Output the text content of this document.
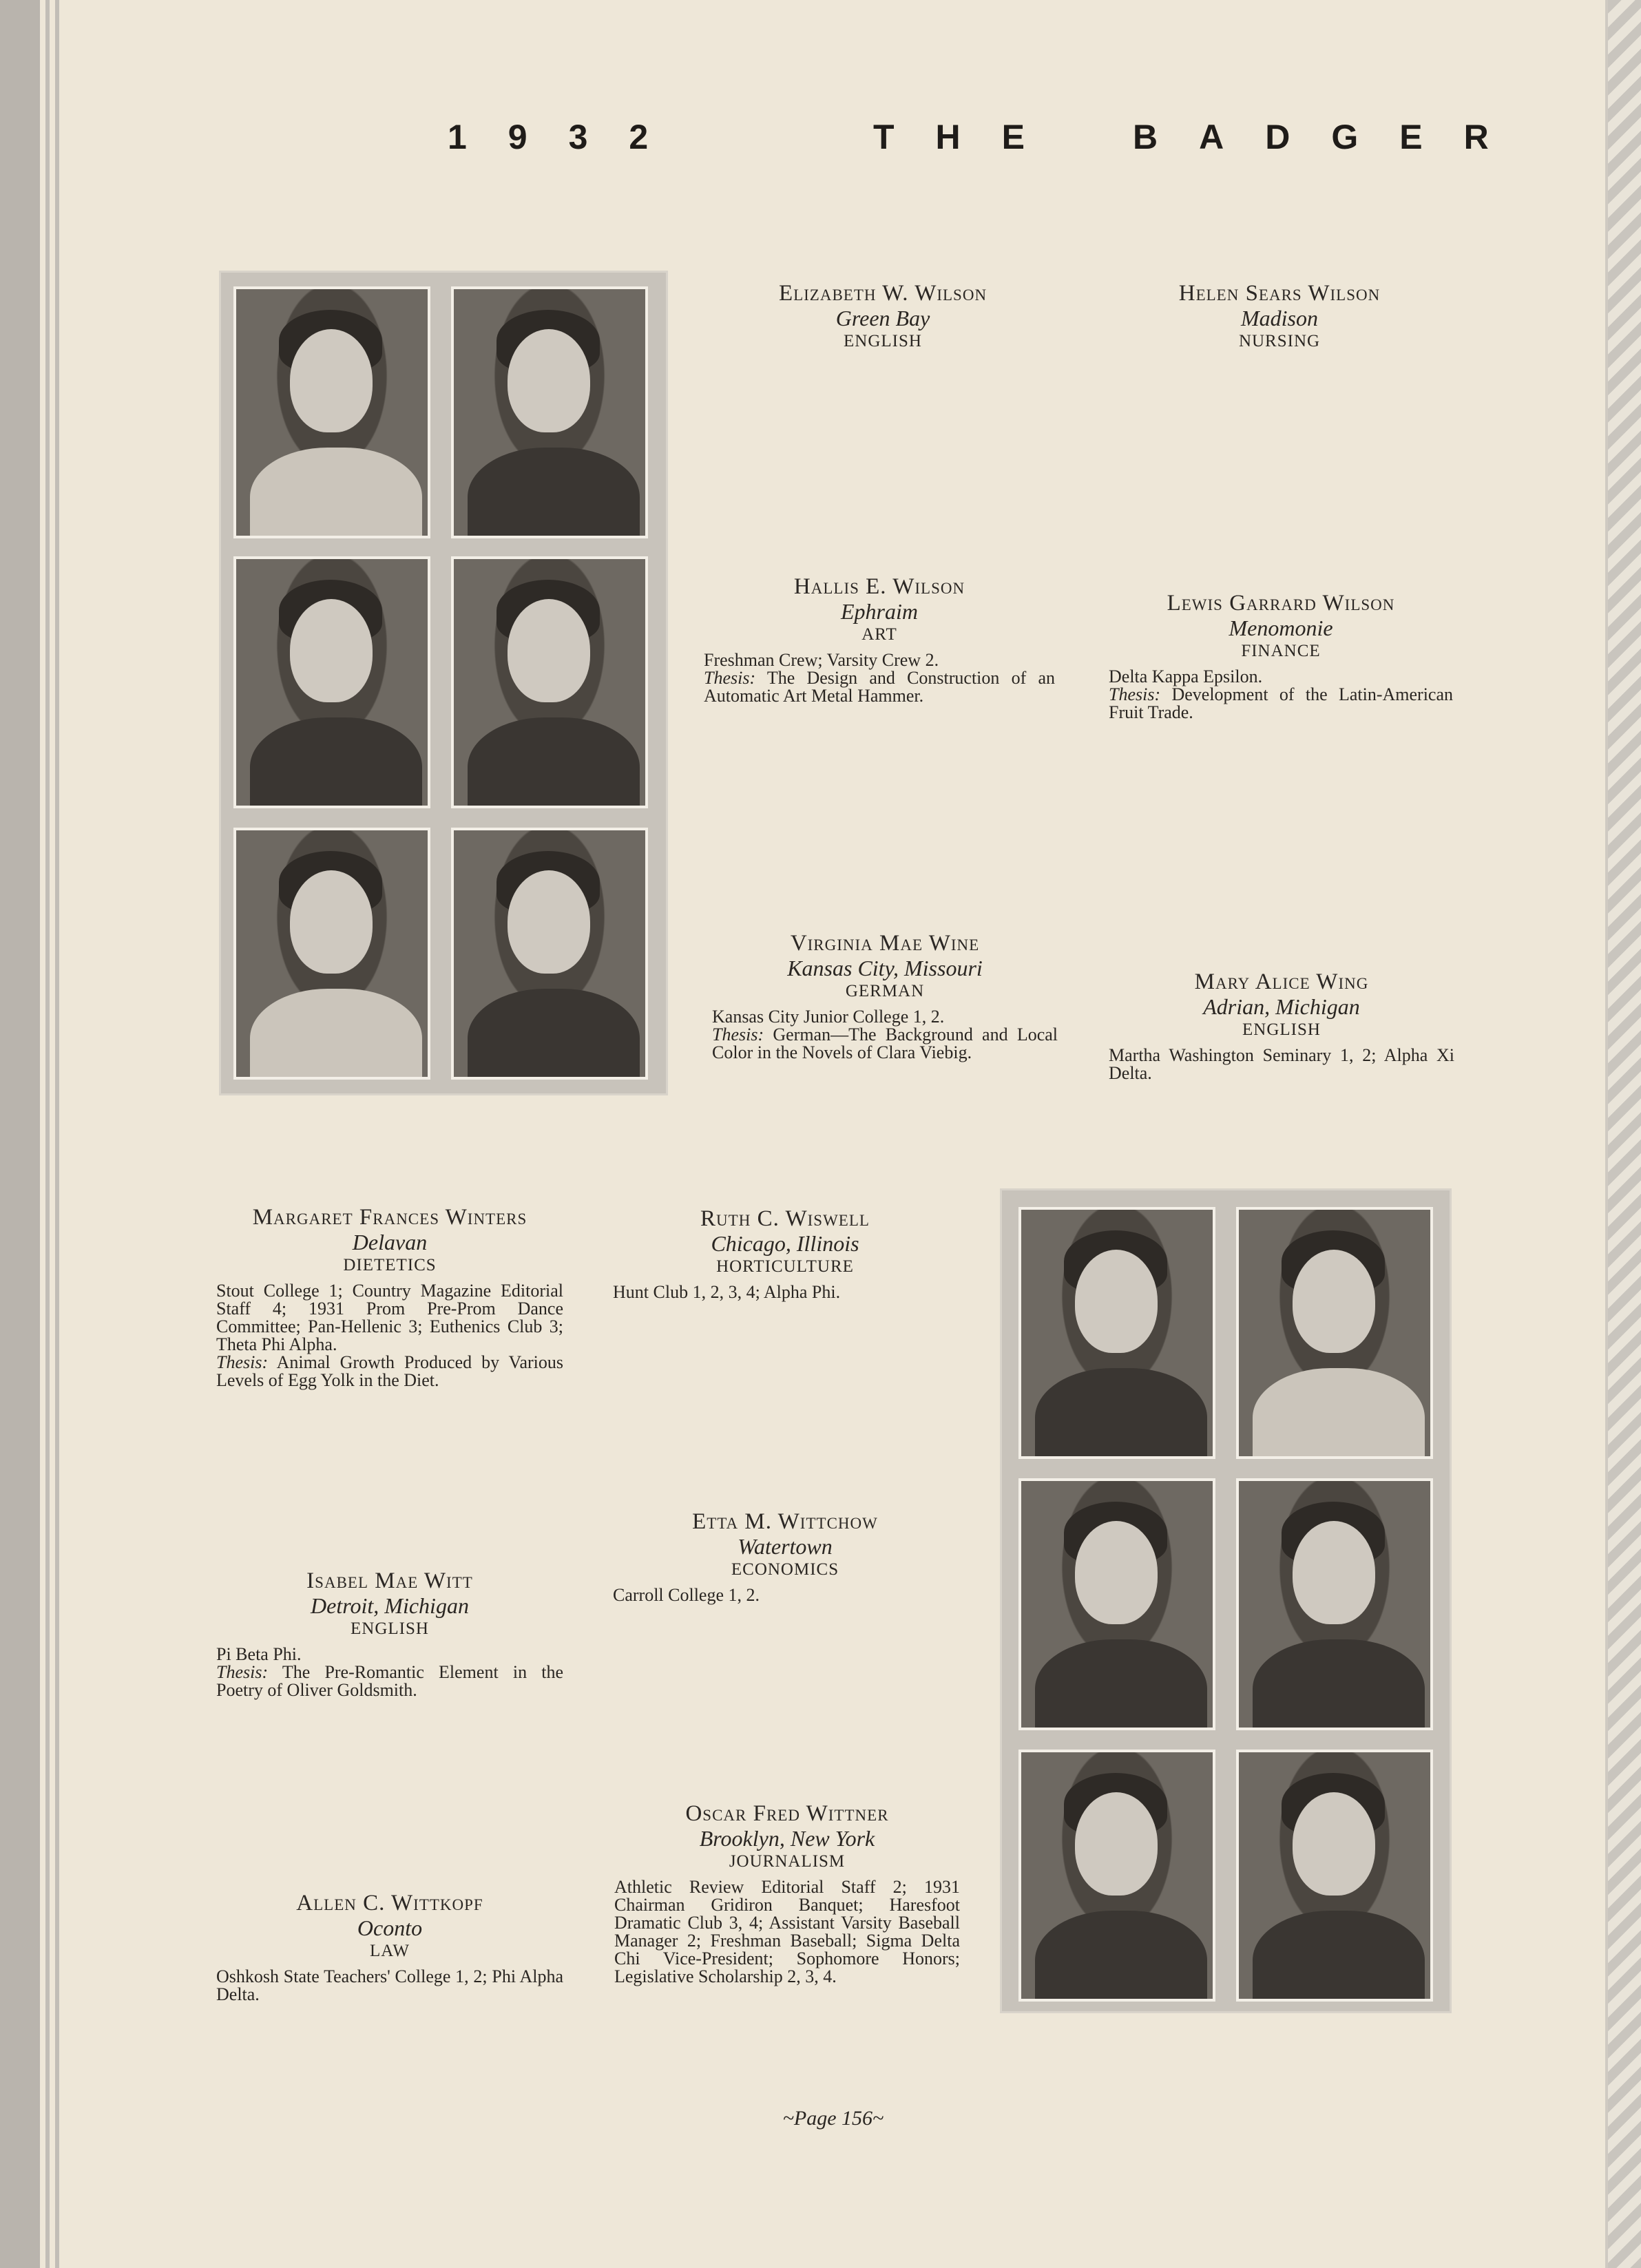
1932	THE BADGER
Elizabeth W. Wilson
Green Bay
ENGLISH
Helen Sears Wilson
Madison
NURSING
Hallis E. Wilson
Ephraim
ART
Freshman Crew; Varsity Crew 2.
Thesis: The Design and Construction of an Automatic Art Metal Hammer.
Lewis Garrard Wilson
Menomonie
FINANCE
Delta Kappa Epsilon.
Thesis: Development of the Latin-American Fruit Trade.
Virginia Mae Wine
Kansas City, Missouri
GERMAN
Kansas City Junior College 1, 2.
Thesis: German—The Background and Local Color in the Novels of Clara Viebig.
Mary Alice Wing
Adrian, Michigan
ENGLISH
Martha Washington Seminary 1, 2; Alpha Xi Delta.
Margaret Frances Winters
Delavan
DIETETICS
Stout College 1; Country Magazine Editorial Staff 4; 1931 Prom Pre-Prom Dance Committee; Pan-Hellenic 3; Euthenics Club 3; Theta Phi Alpha.
Thesis: Animal Growth Produced by Various Levels of Egg Yolk in the Diet.
Ruth C. Wiswell
Chicago, Illinois
HORTICULTURE
Hunt Club 1, 2, 3, 4; Alpha Phi.
Etta M. Wittchow
Watertown
ECONOMICS
Carroll College 1, 2.
Isabel Mae Witt
Detroit, Michigan
ENGLISH
Pi Beta Phi.
Thesis: The Pre-Romantic Element in the Poetry of Oliver Goldsmith.
Oscar Fred Wittner
Brooklyn, New York
JOURNALISM
Athletic Review Editorial Staff 2; 1931 Chairman Gridiron Banquet; Haresfoot Dramatic Club 3, 4; Assistant Varsity Baseball Manager 2; Freshman Baseball; Sigma Delta Chi Vice-President; Sophomore Honors; Legislative Scholarship 2, 3, 4.
Allen C. Wittkopf
Oconto
LAW
Oshkosh State Teachers' College 1, 2; Phi Alpha Delta.
~Page 156~
